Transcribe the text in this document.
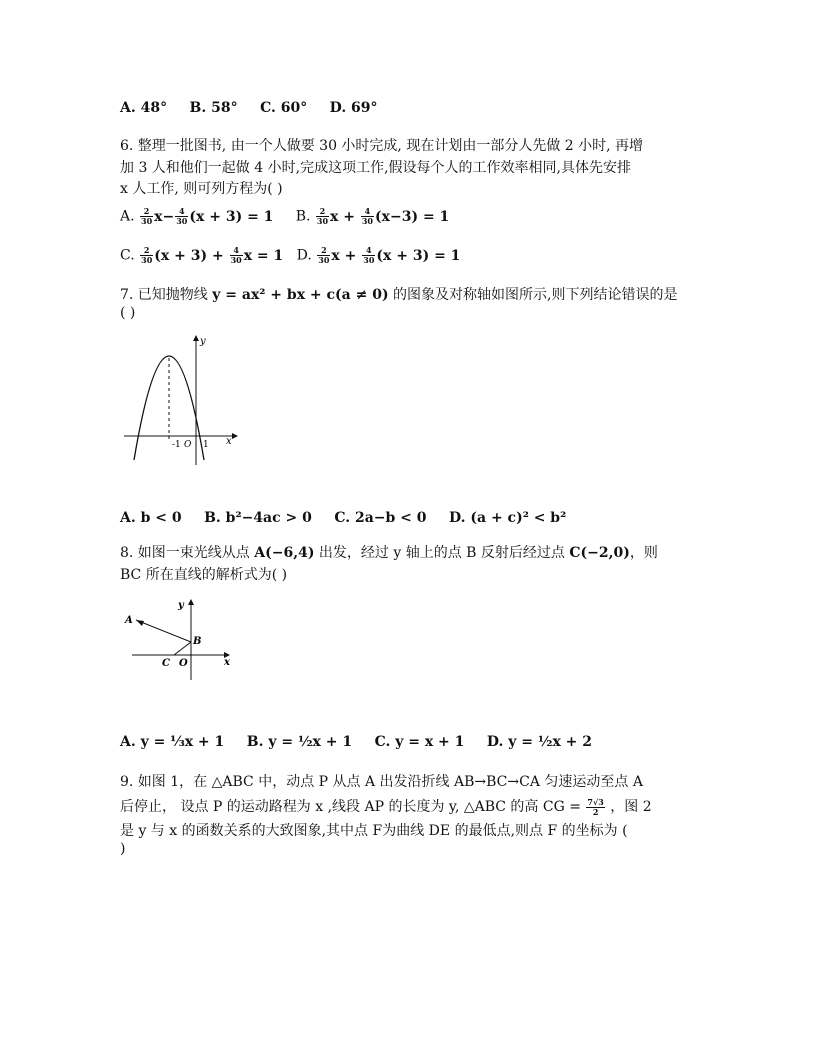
A. 48° B. 58° C. 60° D. 69°
6. 整理一批图书, 由一个人做要 30 小时完成, 现在计划由一部分人先做 2 小时, 再增
加 3 人和他们一起做 4 小时,完成这项工作,假设每个人的工作效率相同,具体先安排
x 人工作, 则可列方程为( )
A. $\frac{2}{30} x- \frac{4}{30} (x + 3) = 1$ B. $\frac{2}{30}$ $x + \frac{4}{30} (x-3) = 1$
C. $\frac{2}{30} (x + 3) + \frac{4}{30}$ x = 1 D. $\frac{2}{30}$ $x + \frac{4}{30} (x + 3) = 1$
7. 已知抛物线 y = ax² + bx + c(a ≠ 0) 的图象及对称轴如图所示,则下列结论错误的是
( )
y
x
-1 O 1
A. b < 0 B. b²−4ac > 0 C. 2a−b < 0 D. (a + c)² < b²
8. 如图一束光线从点 A(−6,4) 出发，经过 y 轴上的点 B 反射后经过点 C(−2,0)，则
BC 所在直线的解析式为( )
A
B
C O	x
y
A. y = ⅓x + 1 B. y = ½x + 1 C. y = x + 1 D. y = ½x + 2
9. 如图 1，在 △ABC 中，动点 P 从点 A 出发沿折线 AB→BC→CA 匀速运动至点 A
后停止， 设点 P 的运动路程为 x ,线段 AP 的长度为 y, △ABC 的高 CG = $\frac{7√3}{2}$ ，图 2
是 y 与 x 的函数关系的大致图象,其中点 F为曲线 DE 的最低点,则点 F 的坐标为 (
)
